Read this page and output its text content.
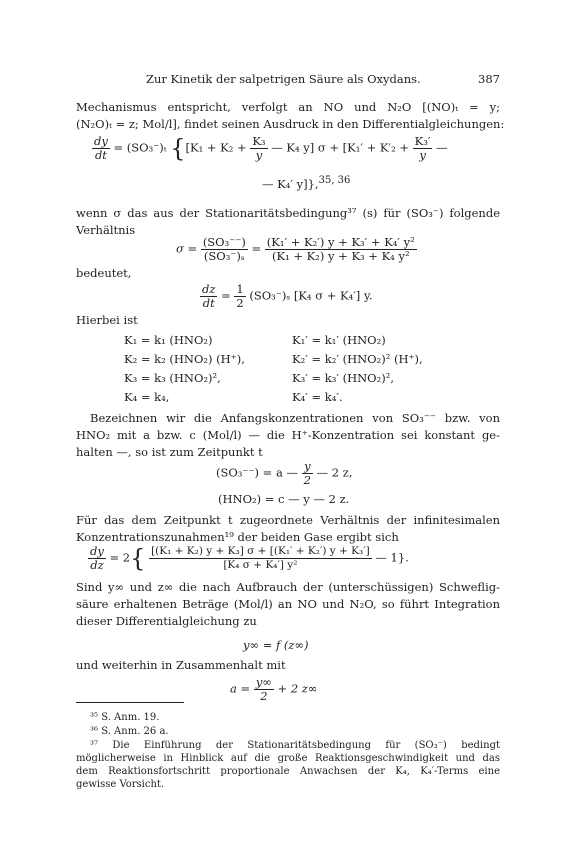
Zur Kinetik der salpetrigen Säure als Oxydans.	387
Mechanismus entspricht, verfolgt an NO und N₂O [(NO)ₜ = y;
(N₂O)ₜ = z; Mol/l], findet seinen Ausdruck in den Differentialgleichungen:
$\frac{dy}{dt} = (SO_3^-)_t$ {[$K_1 + K_2 + \frac{\text{K₃}}{y}$ — K₄ y] $\sigma + [K_1' + K'_2 + \frac{\text{K₃′}}{y}$ —
— K₄′ y]},$^{35, 36}$
wenn σ das aus der Stationaritätsbedingung³⁷ (s) für (SO₃⁻) folgende
Verhältnis
$\sigma = \frac{\text{(SO₃⁻⁻)}}{\text{(SO₃⁻)ₛ}} = \frac{\text{(K₁′ + K₂′) y + K₃′ + K₄′ y²}}{\text{(K₁ + K₂) y + K₃ + K₄ y²}}$
bedeutet,
$\frac{dz}{dt} = \frac{1}{2} (SO_3^-)_s$ [K₄ σ + K₄′] y.
Hierbei ist
K₁ = k₁ (HNO₂)	K₁′ = k₁′ (HNO₂)
K₂ = k₂ (HNO₂) (H⁺),	K₂′ = k₂′ (HNO₂)² (H⁺),
K₃ = k₃ (HNO₂)²,	K₃′ = k₃′ (HNO₂)²,
K₄ = k₄,	K₄′ = k₄′.
Bezeichnen wir die Anfangskonzentrationen von SO₃⁻⁻ bzw. von
HNO₂ mit a bzw. c (Mol/l) — die H⁺-Konzentration sei konstant ge-
halten —, so ist zum Zeitpunkt t
(SO₃⁻⁻) = a — $\frac{y}{2}$ — 2 z,
(HNO₂) = c — y — 2 z.
Für das dem Zeitpunkt t zugeordnete Verhältnis der infinitesimalen
Konzentrationszunahmen¹⁹ der beiden Gase ergibt sich
$\frac{dy}{dz} = 2\{ \frac{\text{[(K₁ + K₂) y + K₃] σ + [(K₁′ + K₂′) y + K₃′]}}{\text{[K₄ σ + K₄′] y²}}$ — 1}.
Sind y∞ und z∞ die nach Aufbrauch der (unterschüssigen) Schweflig-
säure erhaltenen Beträge (Mol/l) an NO und N₂O, so führt Integration
dieser Differentialgleichung zu
y∞ = f (z∞)
und weiterhin in Zusammenhalt mit
$a = \frac{y\infty}{2} + 2$ z∞
³⁵ S. Anm. 19.
³⁶ S. Anm. 26 a.
³⁷ Die Einführung der Stationaritätsbedingung für (SO₃⁻) bedingt
möglicherweise in Hinblick auf die große Reaktionsgeschwindigkeit und das
dem Reaktionsfortschritt proportionale Anwachsen der K₄, K₄′-Terms eine
gewisse Vorsicht.
